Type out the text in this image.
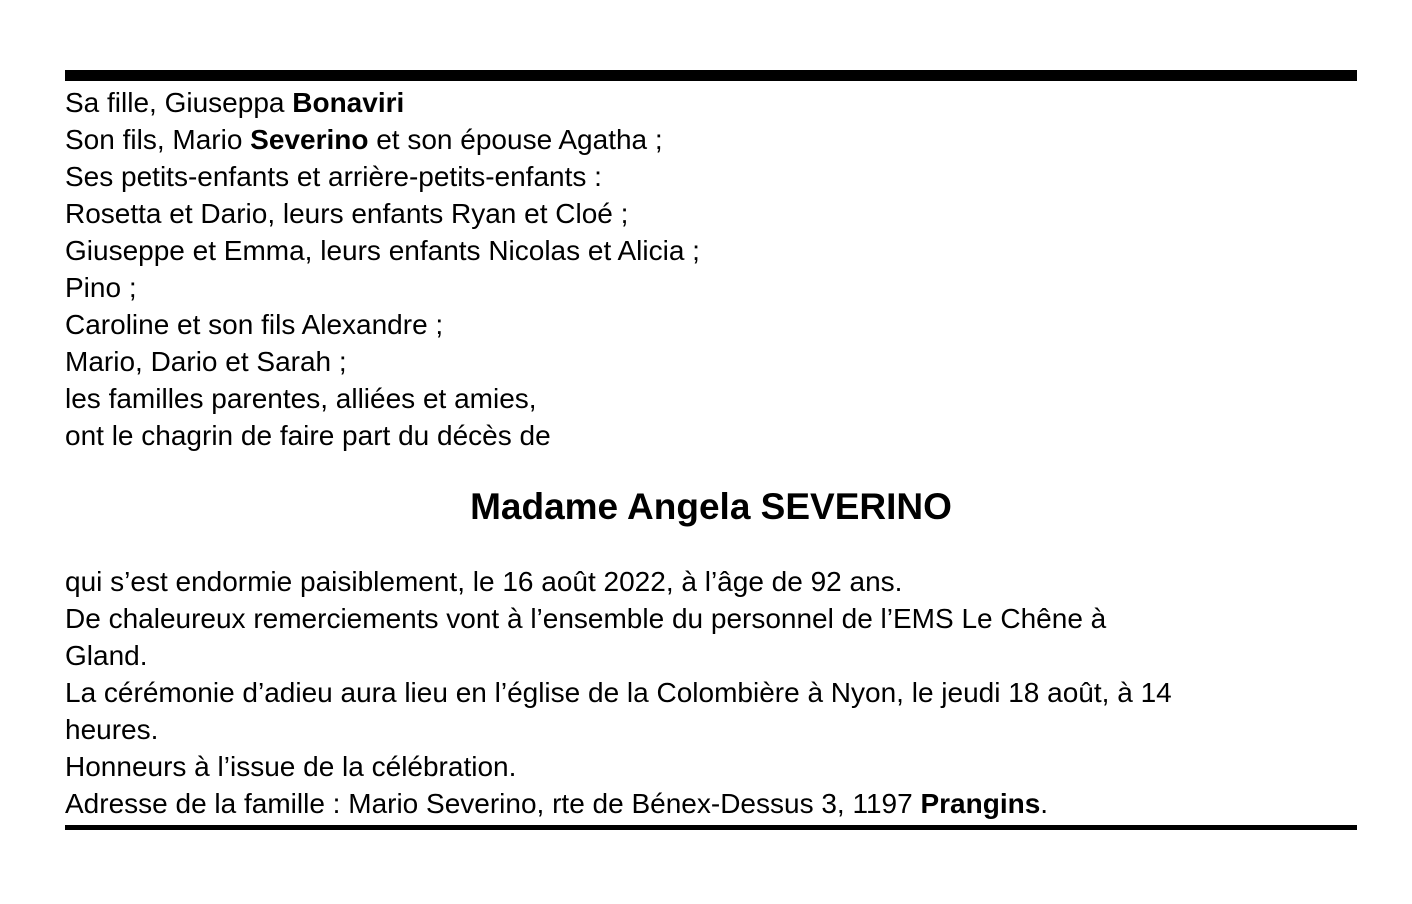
Sa fille, Giuseppa Bonaviri
Son fils, Mario Severino et son épouse Agatha ;
Ses petits-enfants et arrière-petits-enfants :
Rosetta et Dario, leurs enfants Ryan et Cloé ;
Giuseppe et Emma, leurs enfants Nicolas et Alicia ;
Pino ;
Caroline et son fils Alexandre ;
Mario, Dario et Sarah ;
les familles parentes, alliées et amies,
ont le chagrin de faire part du décès de
Madame Angela SEVERINO
qui s’est endormie paisiblement, le 16 août 2022, à l’âge de 92 ans.
De chaleureux remerciements vont à l’ensemble du personnel de l’EMS Le Chêne à
Gland.
La cérémonie d’adieu aura lieu en l’église de la Colombière à Nyon, le jeudi 18 août, à 14
heures.
Honneurs à l’issue de la célébration.
Adresse de la famille : Mario Severino, rte de Bénex-Dessus 3, 1197 Prangins.
